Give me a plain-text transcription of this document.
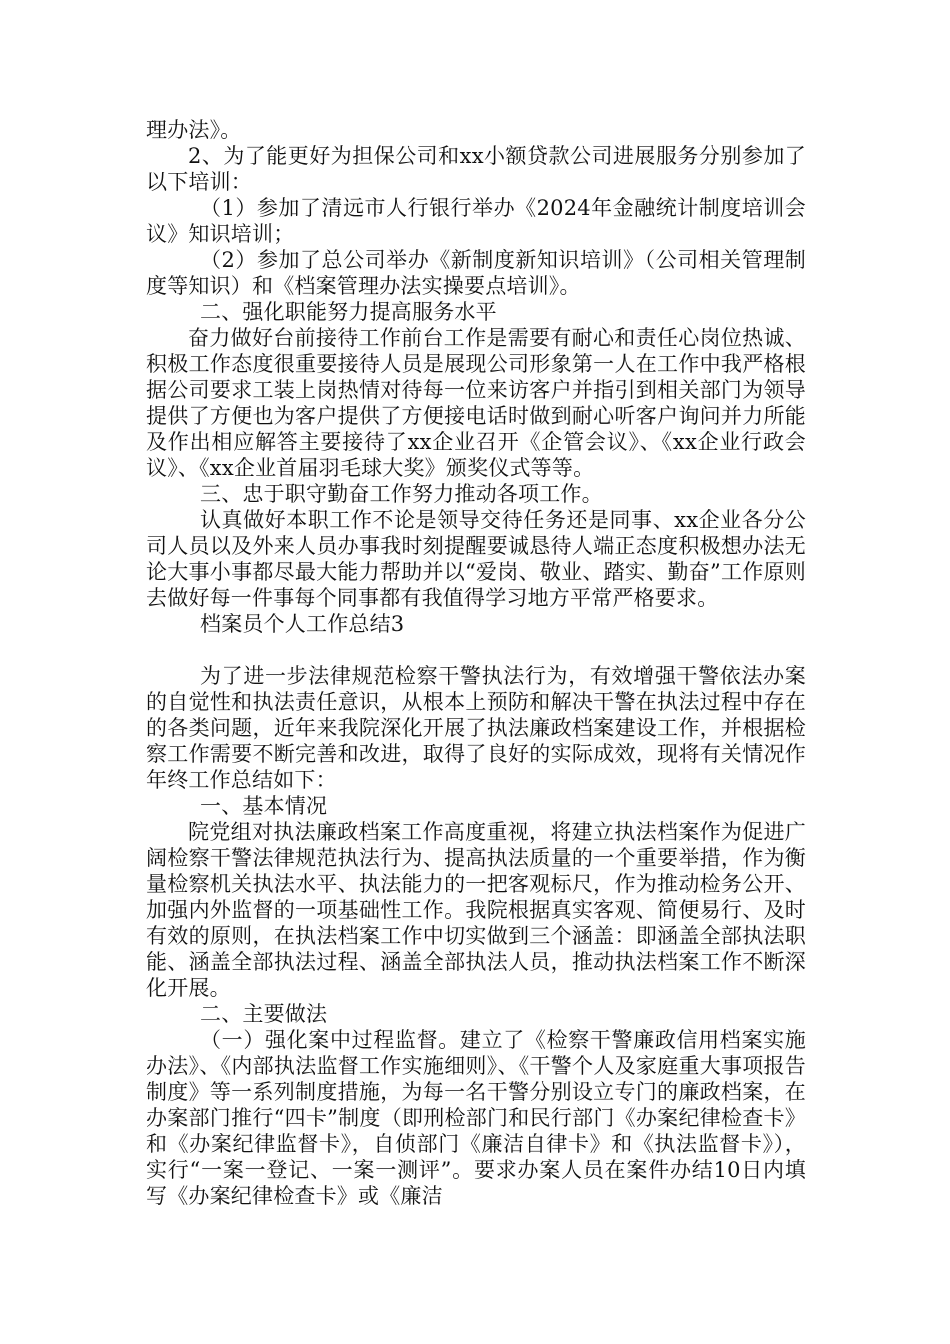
理办法》。

2、为了能更好为担保公司和xx小额贷款公司进展服务分别参加了以下培训：

（1）参加了清远市人行银行举办《2024年金融统计制度培训会议》知识培训；

（2）参加了总公司举办《新制度新知识培训》（公司相关管理制度等知识）和《档案管理办法实操要点培训》。

二、强化职能努力提高服务水平

奋力做好台前接待工作前台工作是需要有耐心和责任心岗位热诚、积极工作态度很重要接待人员是展现公司形象第一人在工作中我严格根据公司要求工装上岗热情对待每一位来访客户并指引到相关部门为领导提供了方便也为客户提供了方便接电话时做到耐心听客户询问并力所能及作出相应解答主要接待了xx企业召开《企管会议》、《xx企业行政会议》、《xx企业首届羽毛球大奖》颁奖仪式等等。

三、忠于职守勤奋工作努力推动各项工作。

认真做好本职工作不论是领导交待任务还是同事、xx企业各分公司人员以及外来人员办事我时刻提醒要诚恳待人端正态度积极想办法无论大事小事都尽最大能力帮助并以“爱岗、敬业、踏实、勤奋”工作原则去做好每一件事每个同事都有我值得学习地方平常严格要求。

档案员个人工作总结3

为了进一步法律规范检察干警执法行为，有效增强干警依法办案的自觉性和执法责任意识，从根本上预防和解决干警在执法过程中存在的各类问题，近年来我院深化开展了执法廉政档案建设工作，并根据检察工作需要不断完善和改进，取得了良好的实际成效，现将有关情况作年终工作总结如下：

一、基本情况

院党组对执法廉政档案工作高度重视，将建立执法档案作为促进广阔检察干警法律规范执法行为、提高执法质量的一个重要举措，作为衡量检察机关执法水平、执法能力的一把客观标尺，作为推动检务公开、加强内外监督的一项基础性工作。我院根据真实客观、简便易行、及时有效的原则，在执法档案工作中切实做到三个涵盖：即涵盖全部执法职能、涵盖全部执法过程、涵盖全部执法人员，推动执法档案工作不断深化开展。

二、主要做法

（一）强化案中过程监督。建立了《检察干警廉政信用档案实施办法》、《内部执法监督工作实施细则》、《干警个人及家庭重大事项报告制度》等一系列制度措施，为每一名干警分别设立专门的廉政档案，在办案部门推行“四卡”制度（即刑检部门和民行部门《办案纪律检查卡》和《办案纪律监督卡》，自侦部门《廉洁自律卡》和《执法监督卡》），实行“一案一登记、一案一测评”。要求办案人员在案件办结10日内填写《办案纪律检查卡》或《廉洁
